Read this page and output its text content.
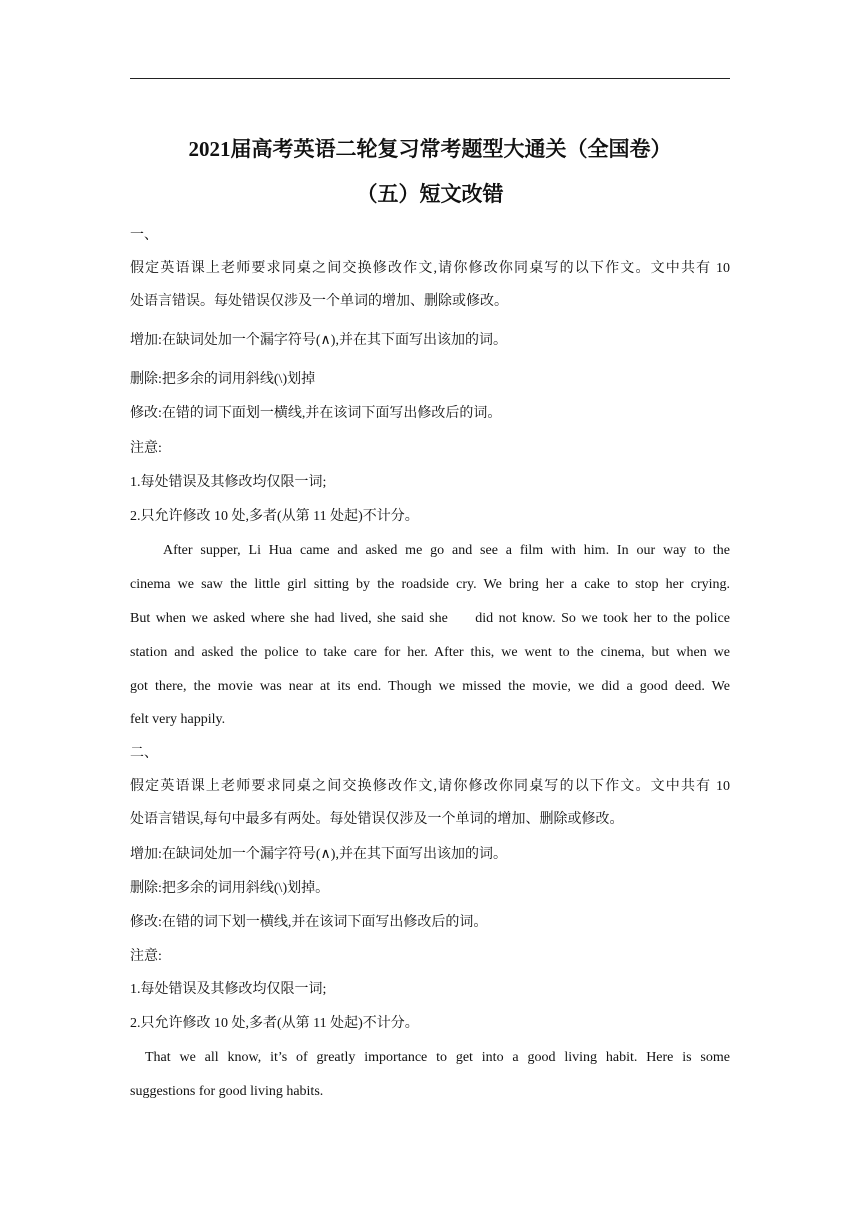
2021届高考英语二轮复习常考题型大通关（全国卷）
（五）短文改错
一、
假定英语课上老师要求同桌之间交换修改作文,请你修改你同桌写的以下作文。文中共有 10
处语言错误。每处错误仅涉及一个单词的增加、删除或修改。
增加:在缺词处加一个漏字符号(∧),并在其下面写出该加的词。
删除:把多余的词用斜线(\)划掉
修改:在错的词下面划一横线,并在该词下面写出修改后的词。
注意:
1.每处错误及其修改均仅限一词;
2.只允许修改 10 处,多者(从第 11 处起)不计分。
After supper, Li Hua came and asked me go and see a film with him. In our way to the
cinema we saw the little girl sitting by the roadside cry. We bring her a cake to stop her crying.
But when we asked where she had lived, she said she     did not know. So we took her to the police
station and asked the police to take care for her. After this, we went to the cinema, but when we
got there, the movie was near at its end. Though we missed the movie, we did a good deed. We
felt very happily.
二、
假定英语课上老师要求同桌之间交换修改作文,请你修改你同桌写的以下作文。文中共有 10
处语言错误,每句中最多有两处。每处错误仅涉及一个单词的增加、删除或修改。
增加:在缺词处加一个漏字符号(∧),并在其下面写出该加的词。
删除:把多余的词用斜线(\)划掉。
修改:在错的词下划一横线,并在该词下面写出修改后的词。
注意:
1.每处错误及其修改均仅限一词;
2.只允许修改 10 处,多者(从第 11 处起)不计分。
That we all know, it’s of greatly importance to get into a good living habit. Here is some
suggestions for good living habits.
